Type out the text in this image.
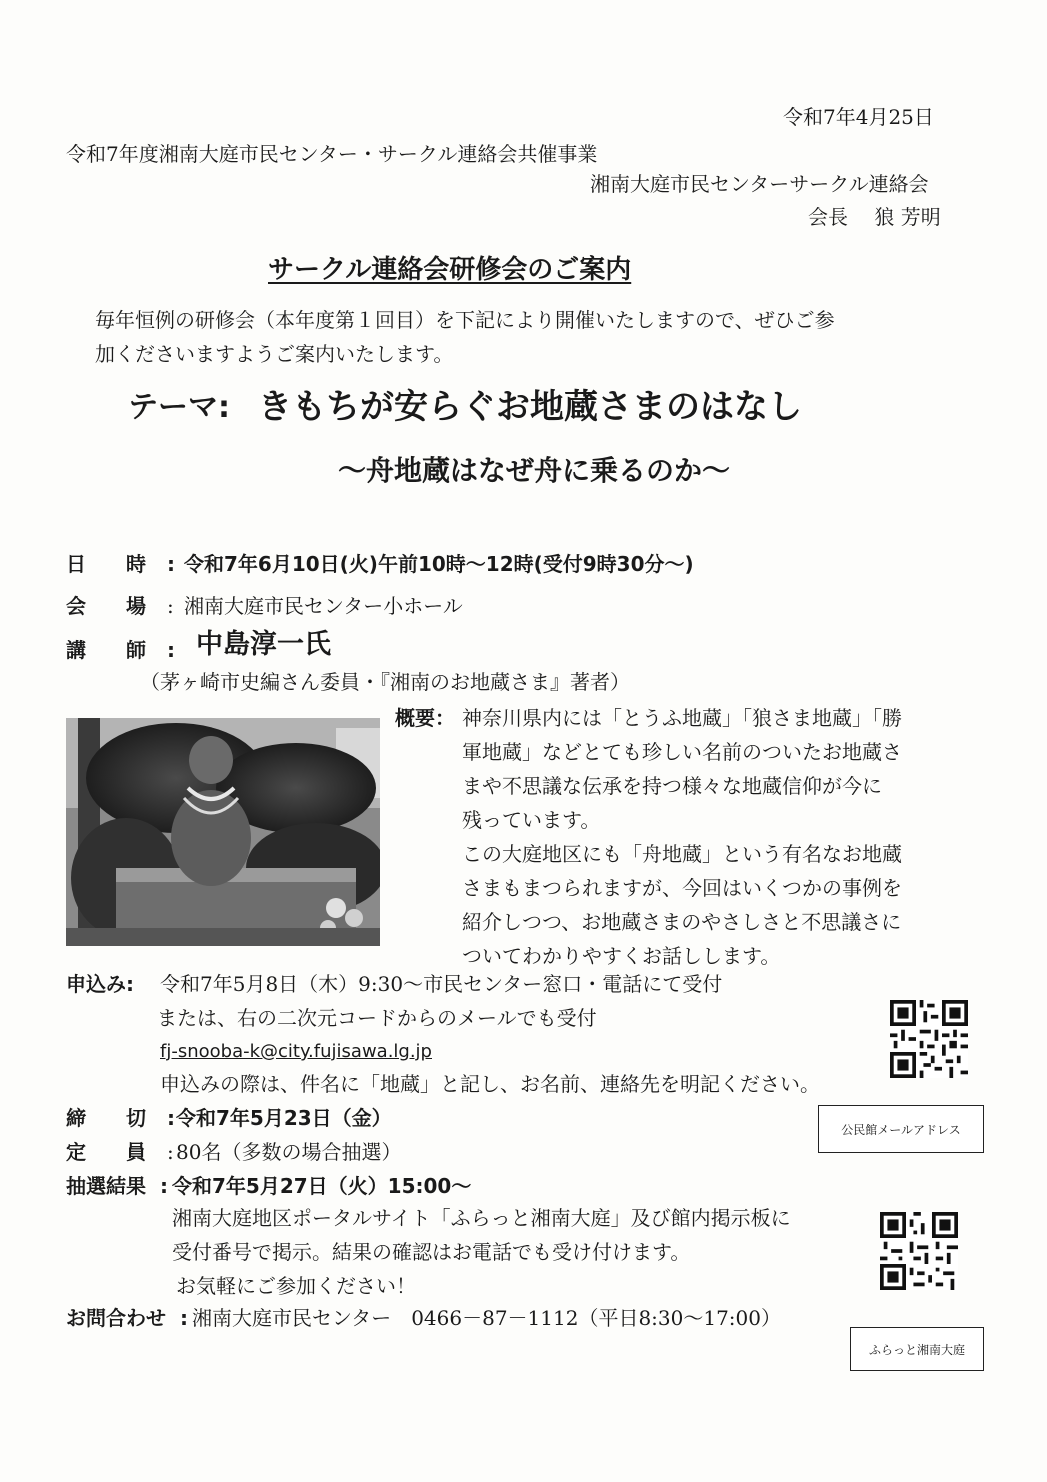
令和7年4月25日
令和7年度湘南大庭市民センター・サークル連絡会共催事業
湘南大庭市民センターサークル連絡会
会長　 狼 芳明
サークル連絡会研修会のご案内
毎年恒例の研修会（本年度第１回目）を下記により開催いたしますので、ぜひご参
加くださいますようご案内いたします。
テーマ: きもちが安らぐお地蔵さまのはなし
～舟地蔵はなぜ舟に乗るのか～
日　　時 : 令和7年6月10日(火)午前10時～12時(受付9時30分～)
会　　場 : 湘南大庭市民センター小ホール
講　　師 : 中島淳一氏
（茅ヶ崎市史編さん委員・『湘南のお地蔵さま』著者）
概要： 神奈川県内には「とうふ地蔵」「狼さま地蔵」「勝
軍地蔵」などとても珍しい名前のついたお地蔵さ
まや不思議な伝承を持つ様々な地蔵信仰が今に
残っています。
この大庭地区にも「舟地蔵」という有名なお地蔵
さまもまつられますが、今回はいくつかの事例を
紹介しつつ、お地蔵さまのやさしさと不思議さに
ついてわかりやすくお話しします。
申込み: 令和7年5月8日（木）9:30～市民センター窓口・電話にて受付
または、右の二次元コードからのメールでも受付
fj-snooba-k@city.fujisawa.lg.jp
申込みの際は、件名に「地蔵」と記し、お名前、連絡先を明記ください。
公民館メールアドレス
締　　切 : 令和7年5月23日（金）
定　　員 : 80名（多数の場合抽選）
抽選結果 : 令和7年5月27日（火）15:00～
湘南大庭地区ポータルサイト「ふらっと湘南大庭」及び館内掲示板に
受付番号で掲示。結果の確認はお電話でも受け付けます。
お気軽にご参加ください！
お問合わせ : 湘南大庭市民センター　0466－87－1112（平日8:30～17:00）
ふらっと湘南大庭
